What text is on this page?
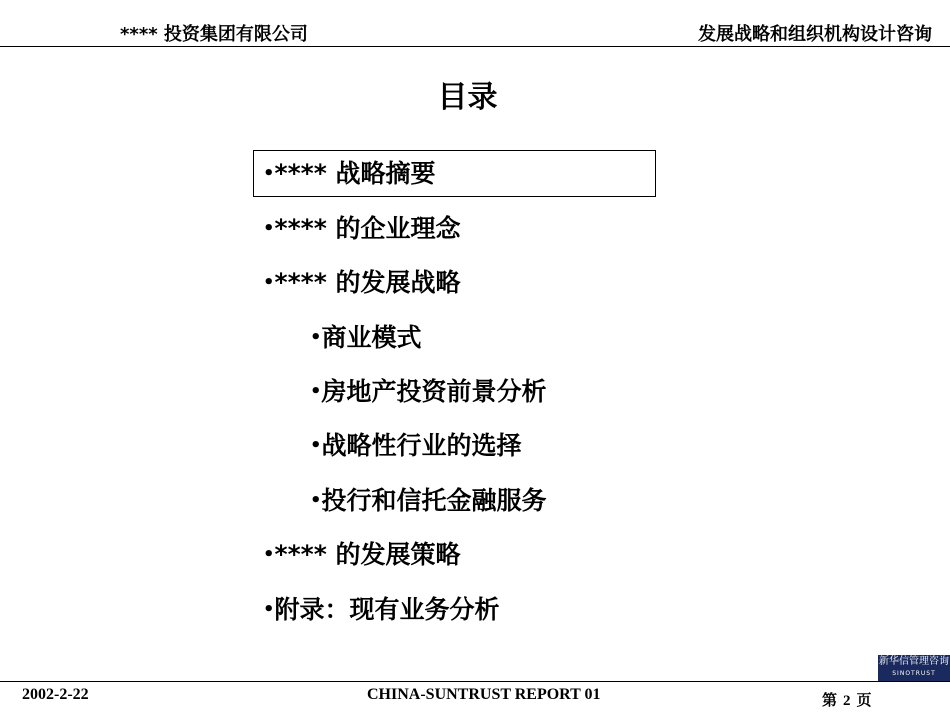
**** 投资集团有限公司	发展战略和组织机构设计咨询
目录
•**** 战略摘要
•**** 的企业理念
•**** 的发展战略
•商业模式
•房地产投资前景分析
•战略性行业的选择
•投行和信托金融服务
•**** 的发展策略
•附录：现有业务分析
新华信管理咨询
SINOTRUST
2002-2-22	CHINA-SUNTRUST REPORT 01	第 2 页
